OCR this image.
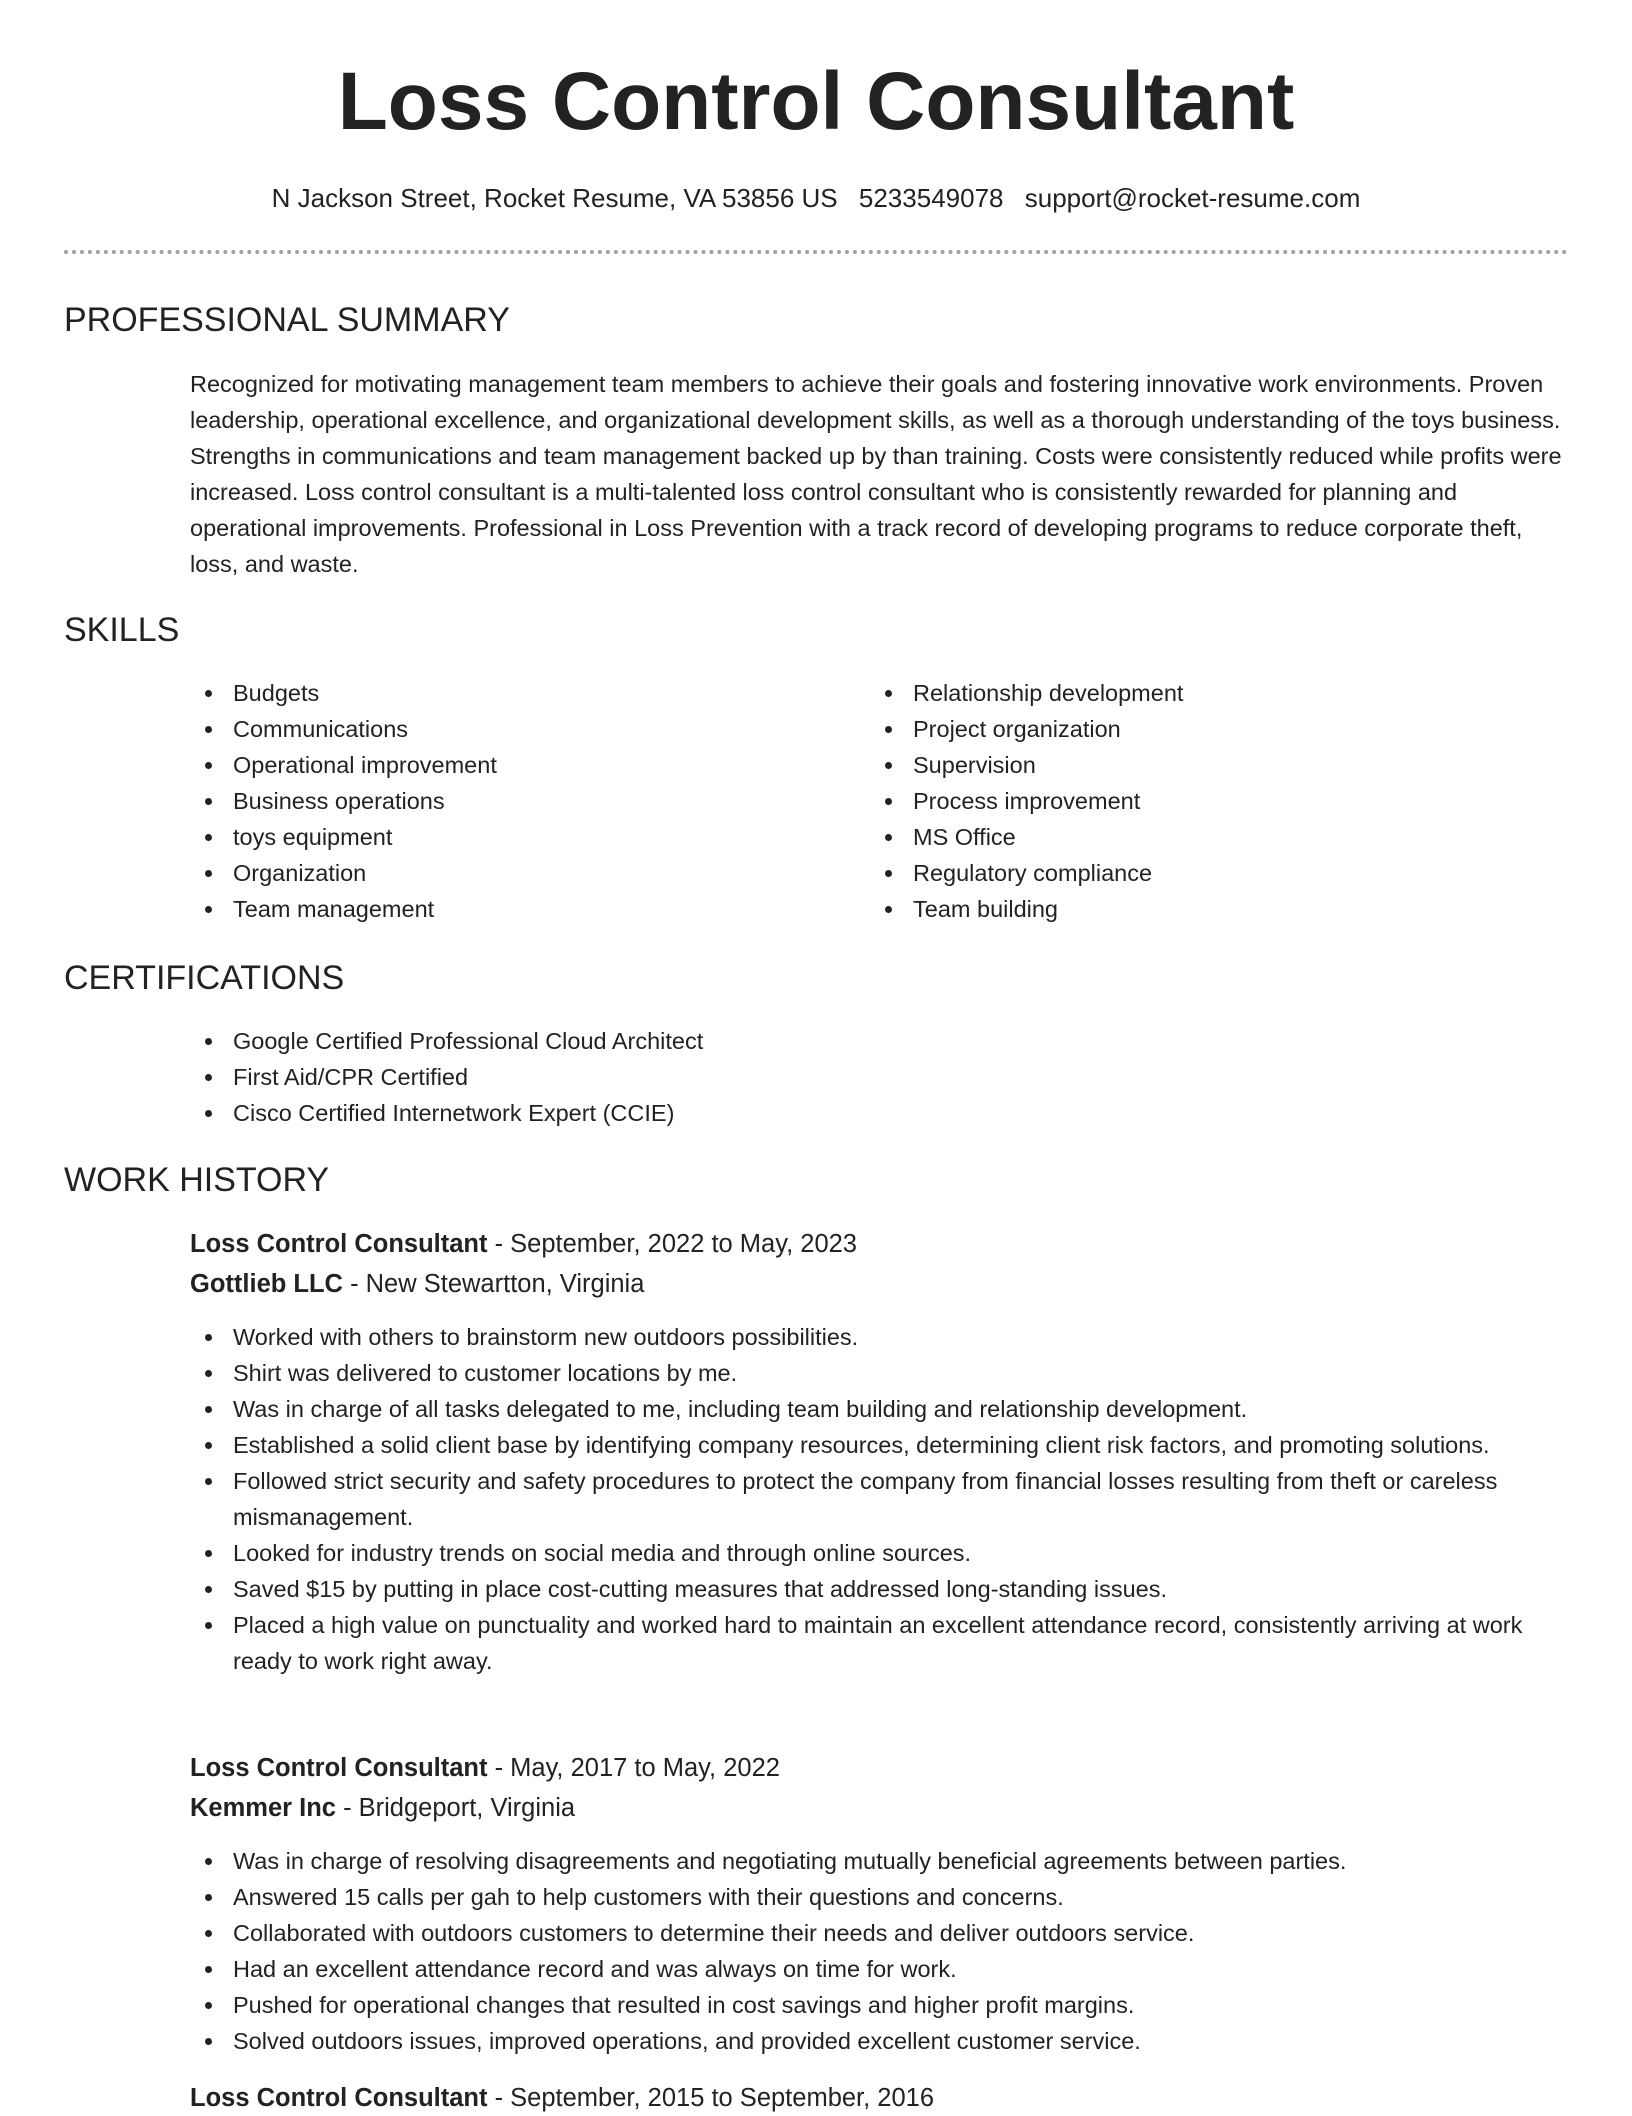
Loss Control Consultant
N Jackson Street, Rocket Resume, VA 53856 US 5233549078 support@rocket-resume.com
PROFESSIONAL SUMMARY

Recognized for motivating management team members to achieve their goals and fostering innovative work environments. Proven leadership, operational excellence, and organizational development skills, as well as a thorough understanding of the toys business. Strengths in communications and team management backed up by than training. Costs were consistently reduced while profits were increased. Loss control consultant is a multi-talented loss control consultant who is consistently rewarded for planning and operational improvements. Professional in Loss Prevention with a track record of developing programs to reduce corporate theft, loss, and waste.

SKILLS
Budgets
Communications
Operational improvement
Business operations
toys equipment
Organization
Team management
Relationship development
Project organization
Supervision
Process improvement
MS Office
Regulatory compliance
Team building
CERTIFICATIONS
Google Certified Professional Cloud Architect
First Aid/CPR Certified
Cisco Certified Internetwork Expert (CCIE)
WORK HISTORY
Loss Control Consultant - September, 2022 to May, 2023
Gottlieb LLC - New Stewartton, Virginia
Worked with others to brainstorm new outdoors possibilities.
Shirt was delivered to customer locations by me.
Was in charge of all tasks delegated to me, including team building and relationship development.
Established a solid client base by identifying company resources, determining client risk factors, and promoting solutions.
Followed strict security and safety procedures to protect the company from financial losses resulting from theft or careless mismanagement.
Looked for industry trends on social media and through online sources.
Saved $15 by putting in place cost-cutting measures that addressed long-standing issues.
Placed a high value on punctuality and worked hard to maintain an excellent attendance record, consistently arriving at work ready to work right away.
Loss Control Consultant - May, 2017 to May, 2022
Kemmer Inc - Bridgeport, Virginia
Was in charge of resolving disagreements and negotiating mutually beneficial agreements between parties.
Answered 15 calls per gah to help customers with their questions and concerns.
Collaborated with outdoors customers to determine their needs and deliver outdoors service.
Had an excellent attendance record and was always on time for work.
Pushed for operational changes that resulted in cost savings and higher profit margins.
Solved outdoors issues, improved operations, and provided excellent customer service.
Loss Control Consultant - September, 2015 to September, 2016
